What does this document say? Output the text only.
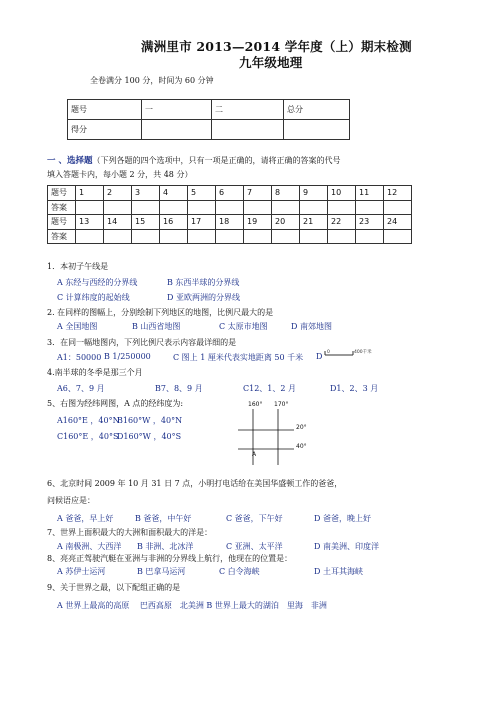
满洲里市 2013—2014 学年度（上）期末检测
九年级地理
全卷满分 100 分，时间为 60 分钟
题号	一	二	总分
得分			
一 、选择题（下列各题的四个选项中，只有一项是正确的，请将正确的答案的代号
填入答题卡内，每小题 2 分，共 48 分）
题号	1	2	3	4	5	6	7	8	9	10	11	12
答案												
题号	13	14	15	16	17	18	19	20	21	22	23	24
答案												
1．本初子午线是
A 东经与西经的分界线	B 东西半球的分界线
C 计算纬度的起始线	D 亚欧两洲的分界线
2. 在同样的图幅上，分别绘制下列地区的地图，比例尺最大的是
A 全国地图	B 山西省地图	C 太原市地图	D 南郊地图
3．在同一幅地图内，下列比例尺表示内容最详细的是
A1：50000 B 1/250000	C 图上 1 厘米代表实地距离 50 千米 D 0	400千米
4.南半球的冬季是那三个月
A6、7、9 月	B7、8、9 月	C12、1、2 月	D1、2、3 月
5、右图为经纬网图，A 点的经纬度为:
A160°E ，40°N
B160°W ，40°N
C160°E ，40°S
D160°W ，40°S
160° 170°
20°
40°
A
6、北京时间 2009 年 10 月 31 日 7 点，小明打电话给在美国华盛顿工作的爸爸，
问候语应是：
A 爸爸，早上好	B 爸爸，中午好	C 爸爸，下午好	D 爸爸，晚上好
7、世界上面积最大的大洲和面积最大的洋是：
A 南极洲、大西洋 B 非洲、北冰洋	C 亚洲、太平洋	D 南美洲、印度洋
8、亮亮正驾驶汽艇在亚洲与非洲的分界线上航行，他现在的位置是：
A 苏伊士运河	B 巴拿马运河	C 白令海峡	D 土耳其海峡
9、关于世界之最，以下配组正确的是
A 世界上最高的高原　 巴西高原　北美洲 B 世界上最大的湖泊　里海　非洲
